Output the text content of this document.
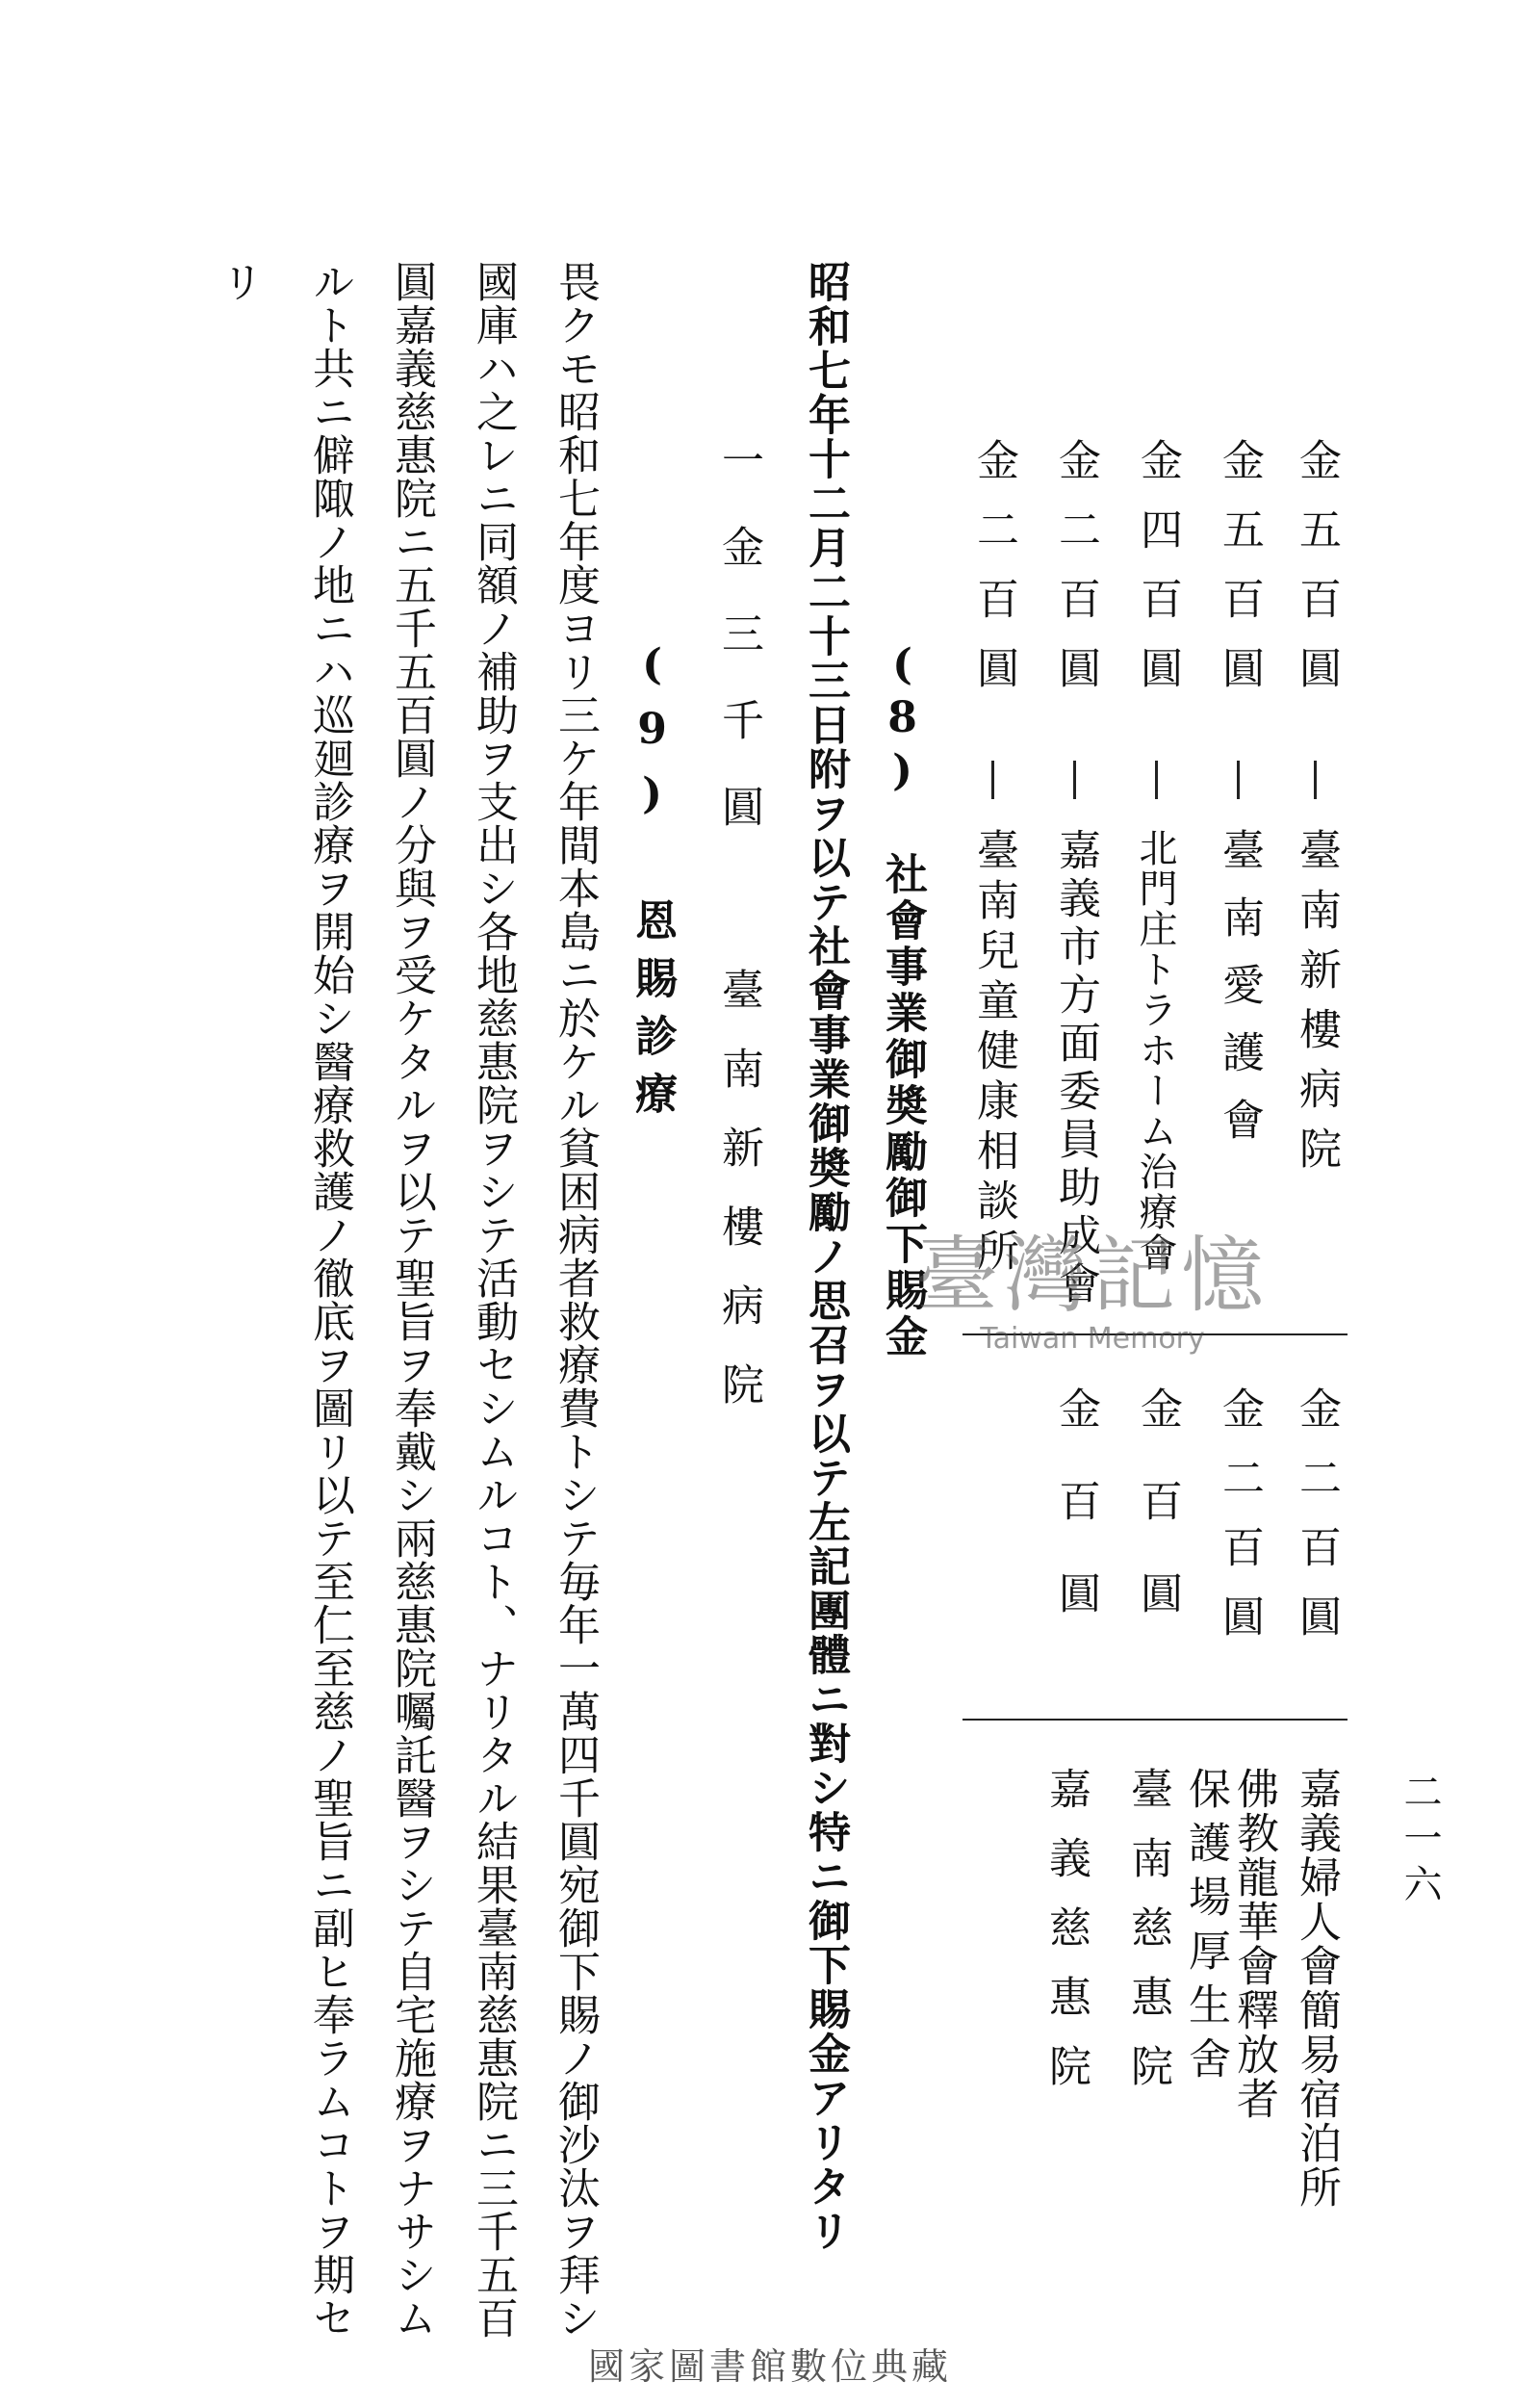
二一六
金五百圓
金五百圓
金四百圓
金二百圓
金二百圓
臺南新樓病院
臺南愛護會
北門庄トラホーム治療會
嘉義市方面委員助成會
臺南兒童健康相談所
金二百圓
金二百圓
金百圓
金百圓
嘉義婦人會簡易宿泊所
佛教龍華會釋放者
保護場厚生舍
臺南慈惠院
嘉義慈惠院
(8) 社會事業御奬勵御下賜金
昭和七年十二月二十三日附ヲ以テ社會事業御奬勵ノ思召ヲ以テ左記團體ニ對シ特ニ御下賜金アリタリ
一金三千圓
臺南新樓病院
(9) 恩賜診療
畏クモ昭和七年度ヨリ三ケ年間本島ニ於ケル貧困病者救療費トシテ毎年一萬四千圓宛御下賜ノ御沙汰ヲ拜シ
國庫ハ之レニ同額ノ補助ヲ支出シ各地慈惠院ヲシテ活動セシムルコト、ナリタル結果臺南慈惠院ニ三千五百
圓嘉義慈惠院ニ五千五百圓ノ分與ヲ受ケタルヲ以テ聖旨ヲ奉戴シ兩慈惠院囑託醫ヲシテ自宅施療ヲナサシム
ルト共ニ僻陬ノ地ニハ巡廻診療ヲ開始シ醫療救護ノ徹底ヲ圖リ以テ至仁至慈ノ聖旨ニ副ヒ奉ラムコトヲ期セ
リ
臺灣記憶
Taiwan Memory
國家圖書館數位典藏
